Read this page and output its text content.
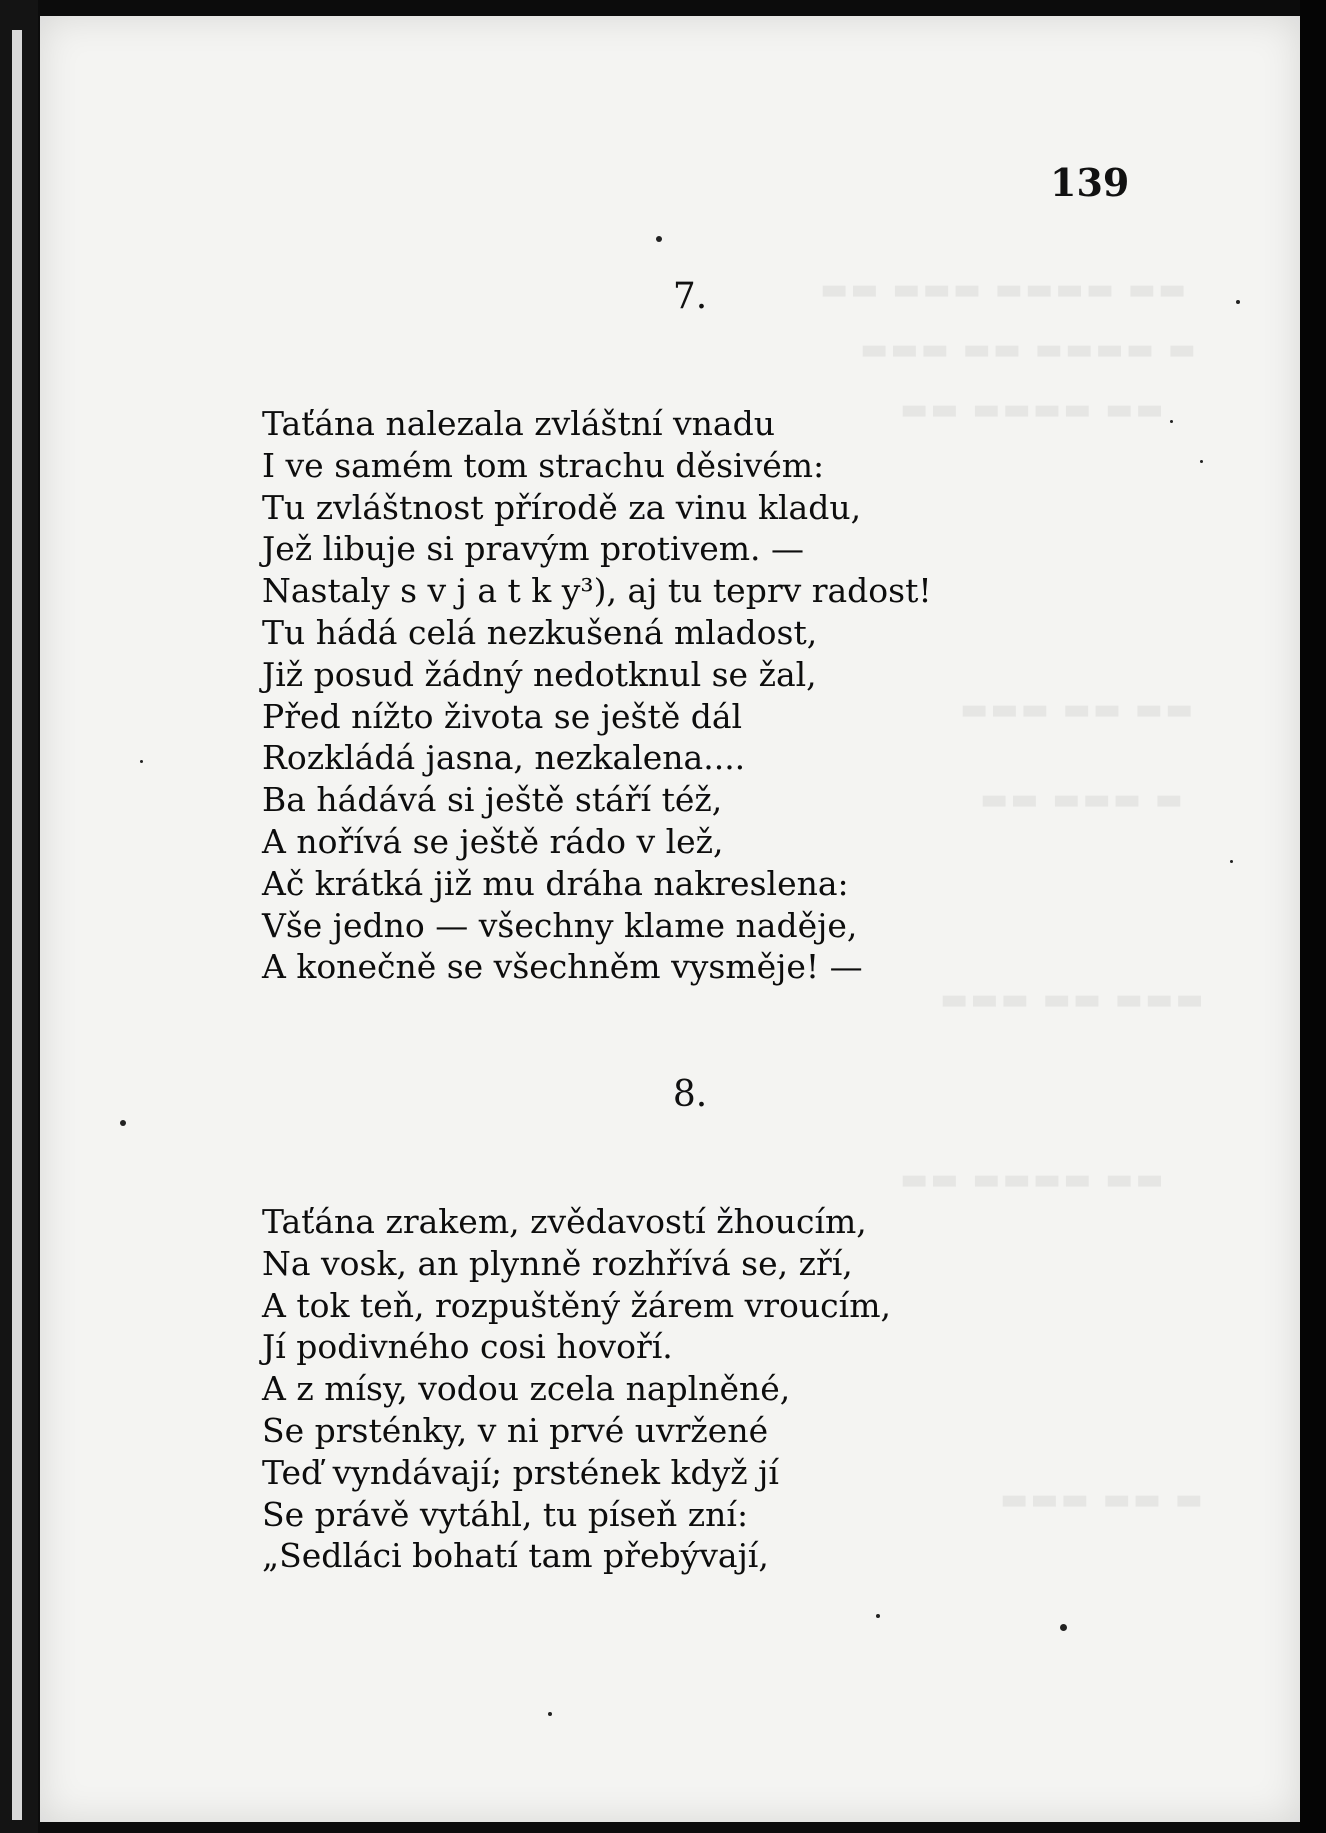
▬▬ ▬▬▬ ▬▬▬▬ ▬▬
▬▬▬ ▬▬ ▬▬▬▬ ▬
▬▬ ▬▬▬▬ ▬▬
▬▬▬ ▬▬ ▬▬
▬▬ ▬▬▬ ▬
▬▬▬ ▬▬ ▬▬▬
▬▬ ▬▬▬▬ ▬▬
▬▬▬ ▬▬ ▬
139
7.
Taťána nalezala zvláštní vnadu
I ve samém tom strachu děsivém:
Tu zvláštnost přírodě za vinu kladu,
Jež libuje si pravým protivem. —
Nastaly s v j a t k y³), aj tu teprv radost!
Tu hádá celá nezkušená mladost,
Již posud žádný nedotknul se žal,
Před nížto života se ještě dál
Rozkládá jasna, nezkalena....
Ba hádává si ještě stáří též,
A nořívá se ještě rádo v lež,
Ač krátká již mu dráha nakreslena:
Vše jedno — všechny klame naděje,
A konečně se všechněm vysměje! —
8.
Taťána zrakem, zvědavostí žhoucím,
Na vosk, an plynně rozhřívá se, zří,
A tok teň, rozpuštěný žárem vroucím,
Jí podivného cosi hovoří.
A z mísy, vodou zcela naplněné,
Se prsténky, v ni prvé uvržené
Teď vyndávají; prstének když jí
Se právě vytáhl, tu píseň zní:
„Sedláci bohatí tam přebývají,
